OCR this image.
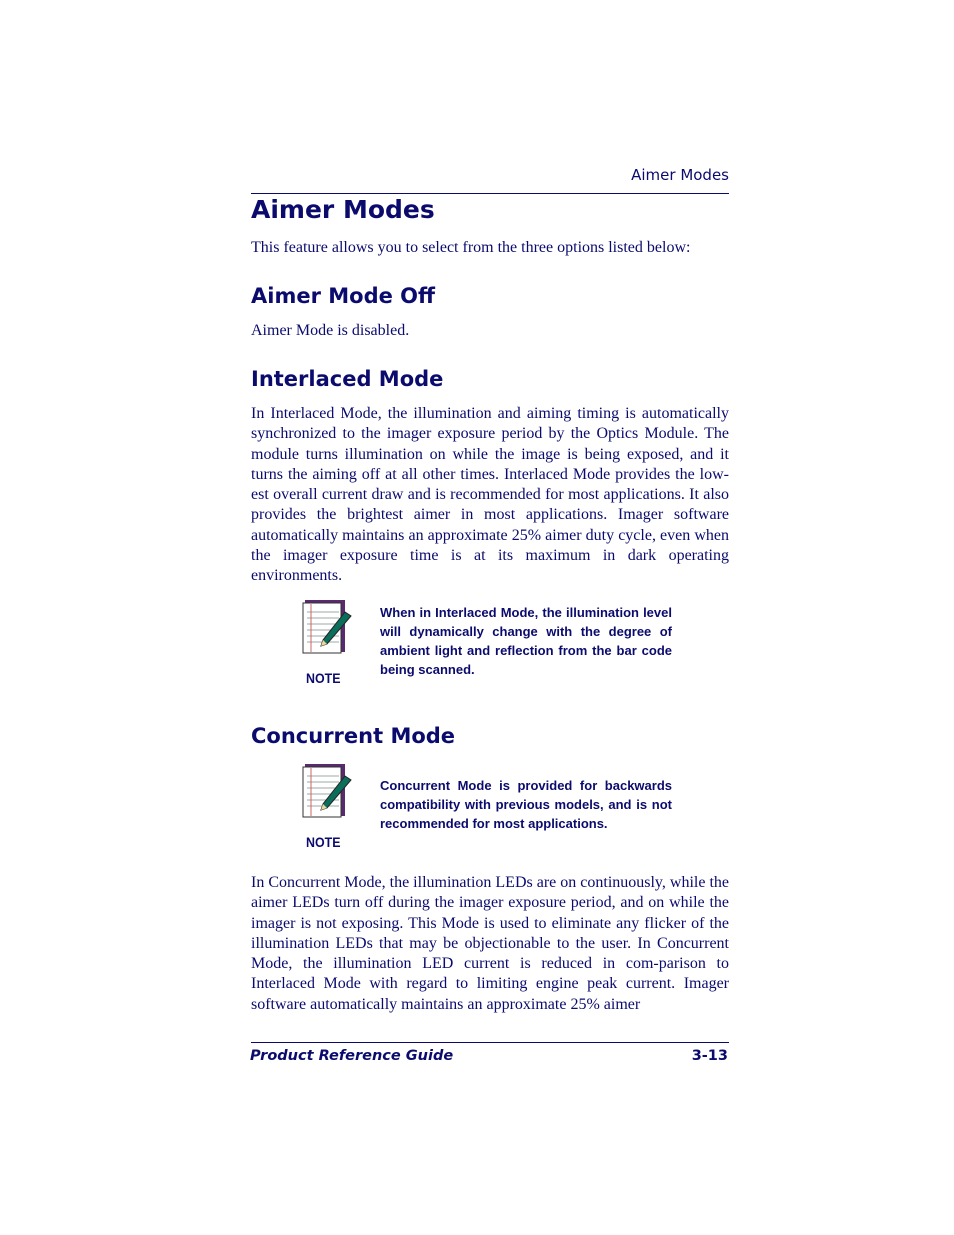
Aimer Modes
Aimer Modes

This feature allows you to select from the three options listed below:

Aimer Mode Off

Aimer Mode is disabled.

Interlaced Mode

In Interlaced Mode, the illumination and aiming timing is automatically synchronized to the imager exposure period by the Optics Module. The module turns illumination on while the image is being exposed, and it turns the aiming off at all other times. Interlaced Mode provides the low-est overall current draw and is recommended for most applications. It also provides the brightest aimer in most applications. Imager software automatically maintains an approximate 25% aimer duty cycle, even when the imager exposure time is at its maximum in dark operating environments.

NOTE

When in Interlaced Mode, the illumination level will dynamically change with the degree of ambient light and reflection from the bar code being scanned.

Concurrent Mode
NOTE

Concurrent Mode is provided for backwards compatibility with previous models, and is not recommended for most applications.

In Concurrent Mode, the illumination LEDs are on continuously, while the aimer LEDs turn off during the imager exposure period, and on while the imager is not exposing. This Mode is used to eliminate any flicker of the illumination LEDs that may be objectionable to the user. In Concurrent Mode, the illumination LED current is reduced in com-parison to Interlaced Mode with regard to limiting engine peak current. Imager software automatically maintains an approximate 25% aimer

Product Reference Guide	3-13
